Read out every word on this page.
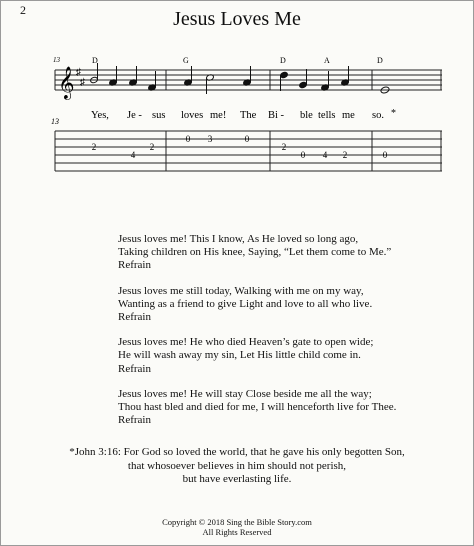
2	Jesus Loves Me
13
𝄞 ♯
♯
D	G	D	A	D
Yes, Je - sus loves me! The Bi - ble tells me so. *
13
2
4
2
0 3	0
2
0 4 2	0
Jesus loves me! This I know, As He loved so long ago,
Taking children on His knee, Saying, “Let them come to Me.”
Refrain
Jesus loves me still today, Walking with me on my way,
Wanting as a friend to give Light and love to all who live.
Refrain
Jesus loves me! He who died Heaven’s gate to open wide;
He will wash away my sin, Let His little child come in.
Refrain
Jesus loves me! He will stay Close beside me all the way;
Thou hast bled and died for me, I will henceforth live for Thee.
Refrain
*John 3:16: For God so loved the world, that he gave his only begotten Son,
that whosoever believes in him should not perish,
but have everlasting life.
Copyright © 2018 Sing the Bible Story.com
All Rights Reserved
